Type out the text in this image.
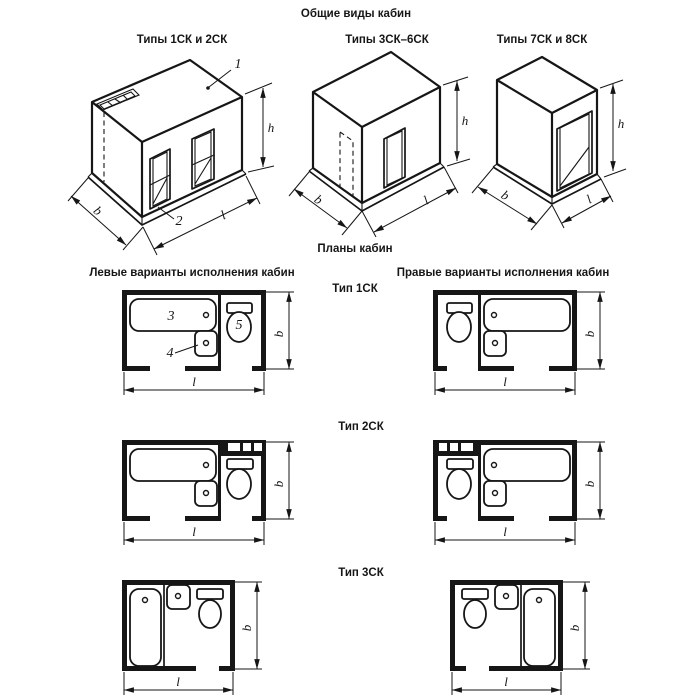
Общие виды кабин
Типы 1СК и 2СК	Типы 3СК–6СК	Типы 7СК и 8СК
Планы кабин
Левые варианты исполнения кабин	Правые варианты исполнения кабин
Тип 1СК
Тип 2СК
Тип 3СК
h
b	l
1
2
h
b	l
h
b	l
3
4
5
b
l
b
l
b
l
b
l
b
l
b
l
